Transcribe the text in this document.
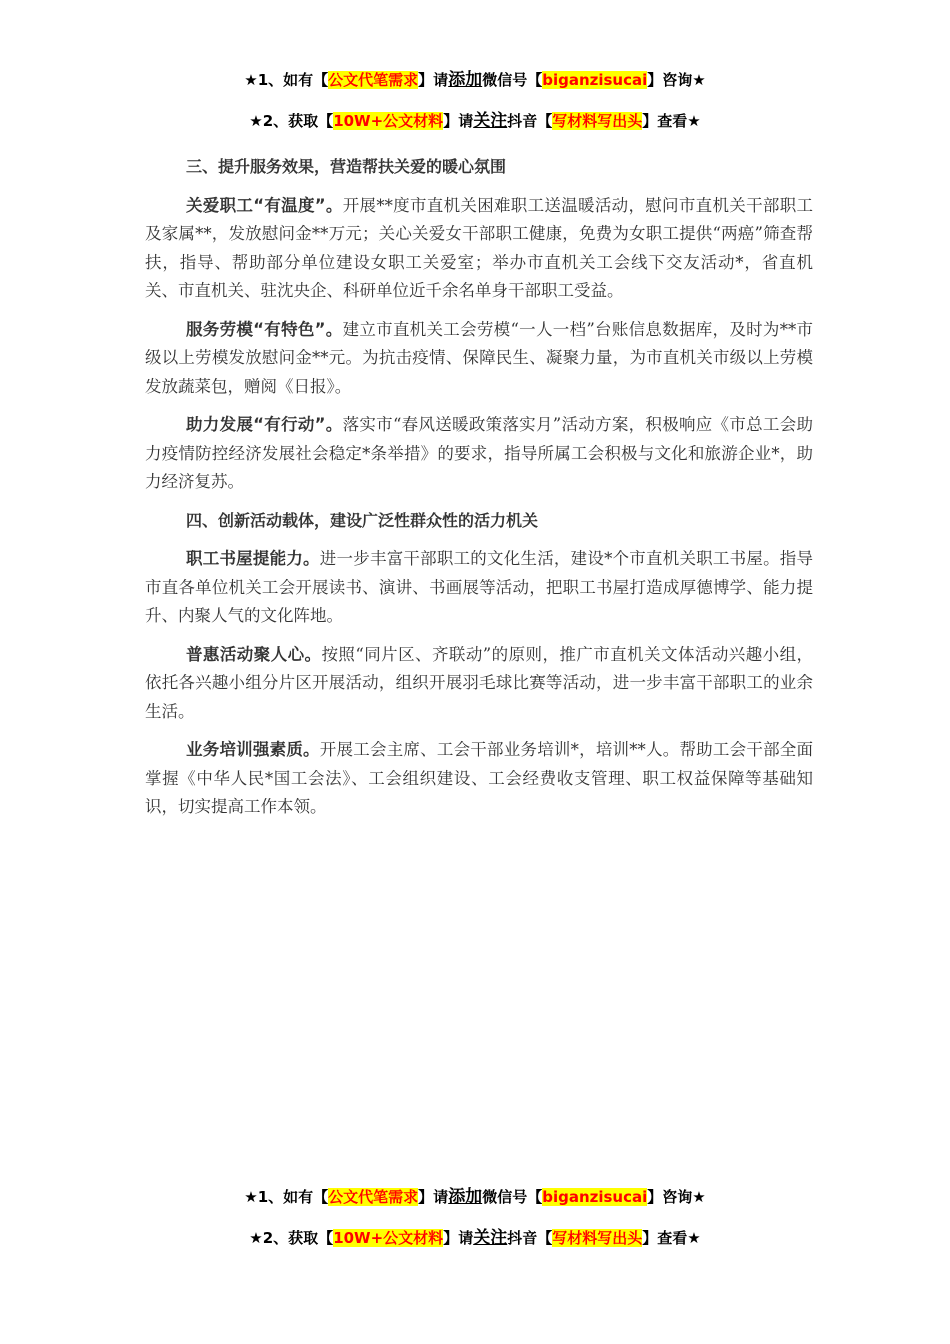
★1、如有【公文代笔需求】请添加微信号【biganzisucai】咨询★
★2、获取【10W+公文材料】请关注抖音【写材料写出头】查看★

三、提升服务效果，营造帮扶关爱的暖心氛围

关爱职工“有温度”。开展**度市直机关困难职工送温暖活动，慰问市直机关干部职工及家属**，发放慰问金**万元；关心关爱女干部职工健康，免费为女职工提供“两癌”筛查帮扶，指导、帮助部分单位建设女职工关爱室；举办市直机关工会线下交友活动*，省直机关、市直机关、驻沈央企、科研单位近千余名单身干部职工受益。

服务劳模“有特色”。建立市直机关工会劳模“一人一档”台账信息数据库，及时为**市级以上劳模发放慰问金**元。为抗击疫情、保障民生、凝聚力量，为市直机关市级以上劳模发放蔬菜包，赠阅《日报》。

助力发展“有行动”。落实市“春风送暖政策落实月”活动方案，积极响应《市总工会助力疫情防控经济发展社会稳定*条举措》的要求，指导所属工会积极与文化和旅游企业*，助力经济复苏。

四、创新活动载体，建设广泛性群众性的活力机关

职工书屋提能力。进一步丰富干部职工的文化生活，建设*个市直机关职工书屋。指导市直各单位机关工会开展读书、演讲、书画展等活动，把职工书屋打造成厚德博学、能力提升、内聚人气的文化阵地。

普惠活动聚人心。按照“同片区、齐联动”的原则，推广市直机关文体活动兴趣小组，依托各兴趣小组分片区开展活动，组织开展羽毛球比赛等活动，进一步丰富干部职工的业余生活。

业务培训强素质。开展工会主席、工会干部业务培训*，培训**人。帮助工会干部全面掌握《中华人民*国工会法》、工会组织建设、工会经费收支管理、职工权益保障等基础知识，切实提高工作本领。

★1、如有【公文代笔需求】请添加微信号【biganzisucai】咨询★
★2、获取【10W+公文材料】请关注抖音【写材料写出头】查看★
